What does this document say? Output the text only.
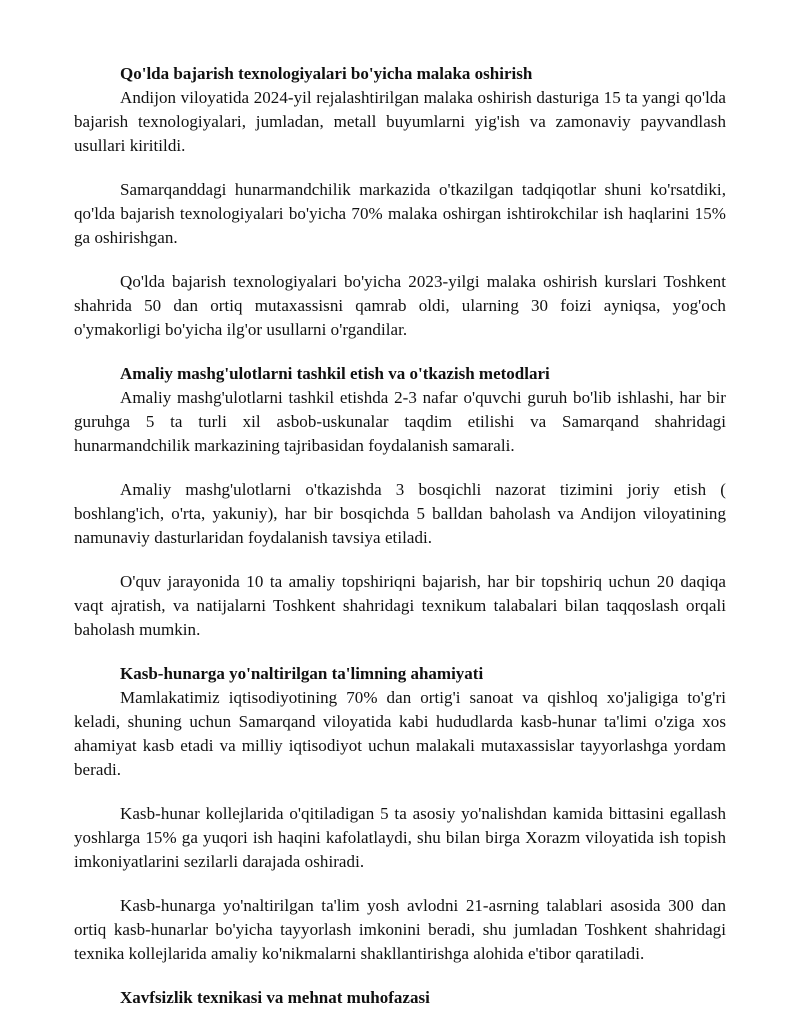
Qo'lda bajarish texnologiyalari bo'yicha malaka oshirish

Andijon viloyatida 2024-yil rejalashtirilgan malaka oshirish dasturiga 15 ta yangi qo'lda bajarish texnologiyalari, jumladan, metall buyumlarni yig'ish va zamonaviy payvandlash usullari kiritildi.

Samarqanddagi hunarmandchilik markazida o'tkazilgan tadqiqotlar shuni ko'rsatdiki, qo'lda bajarish texnologiyalari bo'yicha 70% malaka oshirgan ishtirokchilar ish haqlarini 15% ga oshirishgan.

Qo'lda bajarish texnologiyalari bo'yicha 2023-yilgi malaka oshirish kurslari Toshkent shahrida 50 dan ortiq mutaxassisni qamrab oldi, ularning 30 foizi ayniqsa, yog'och o'ymakorligi bo'yicha ilg'or usullarni o'rgandilar.

Amaliy mashg'ulotlarni tashkil etish va o'tkazish metodlari

Amaliy mashg'ulotlarni tashkil etishda 2-3 nafar o'quvchi guruh bo'lib ishlashi, har bir guruhga 5 ta turli xil asbob-uskunalar taqdim etilishi va Samarqand shahridagi hunarmandchilik markazining tajribasidan foydalanish samarali.

Amaliy mashg'ulotlarni o'tkazishda 3 bosqichli nazorat tizimini joriy etish ( boshlang'ich, o'rta, yakuniy), har bir bosqichda 5 balldan baholash va Andijon viloyatining namunaviy dasturlaridan foydalanish tavsiya etiladi.

O'quv jarayonida 10 ta amaliy topshiriqni bajarish, har bir topshiriq uchun 20 daqiqa vaqt ajratish, va natijalarni Toshkent shahridagi texnikum talabalari bilan taqqoslash orqali baholash mumkin.

Kasb-hunarga yo'naltirilgan ta'limning ahamiyati

Mamlakatimiz iqtisodiyotining 70% dan ortig'i sanoat va qishloq xo'jaligiga to'g'ri keladi, shuning uchun Samarqand viloyatida kabi hududlarda kasb-hunar ta'limi o'ziga xos ahamiyat kasb etadi va milliy iqtisodiyot uchun malakali mutaxassislar tayyorlashga yordam beradi.

Kasb-hunar kollejlarida o'qitiladigan 5 ta asosiy yo'nalishdan kamida bittasini egallash yoshlarga 15% ga yuqori ish haqini kafolatlaydi, shu bilan birga Xorazm viloyatida ish topish imkoniyatlarini sezilarli darajada oshiradi.

Kasb-hunarga yo'naltirilgan ta'lim yosh avlodni 21-asrning talablari asosida 300 dan ortiq kasb-hunarlar bo'yicha tayyorlash imkonini beradi, shu jumladan Toshkent shahridagi texnika kollejlarida amaliy ko'nikmalarni shakllantirishga alohida e'tibor qaratiladi.

Xavfsizlik texnikasi va mehnat muhofazasi
